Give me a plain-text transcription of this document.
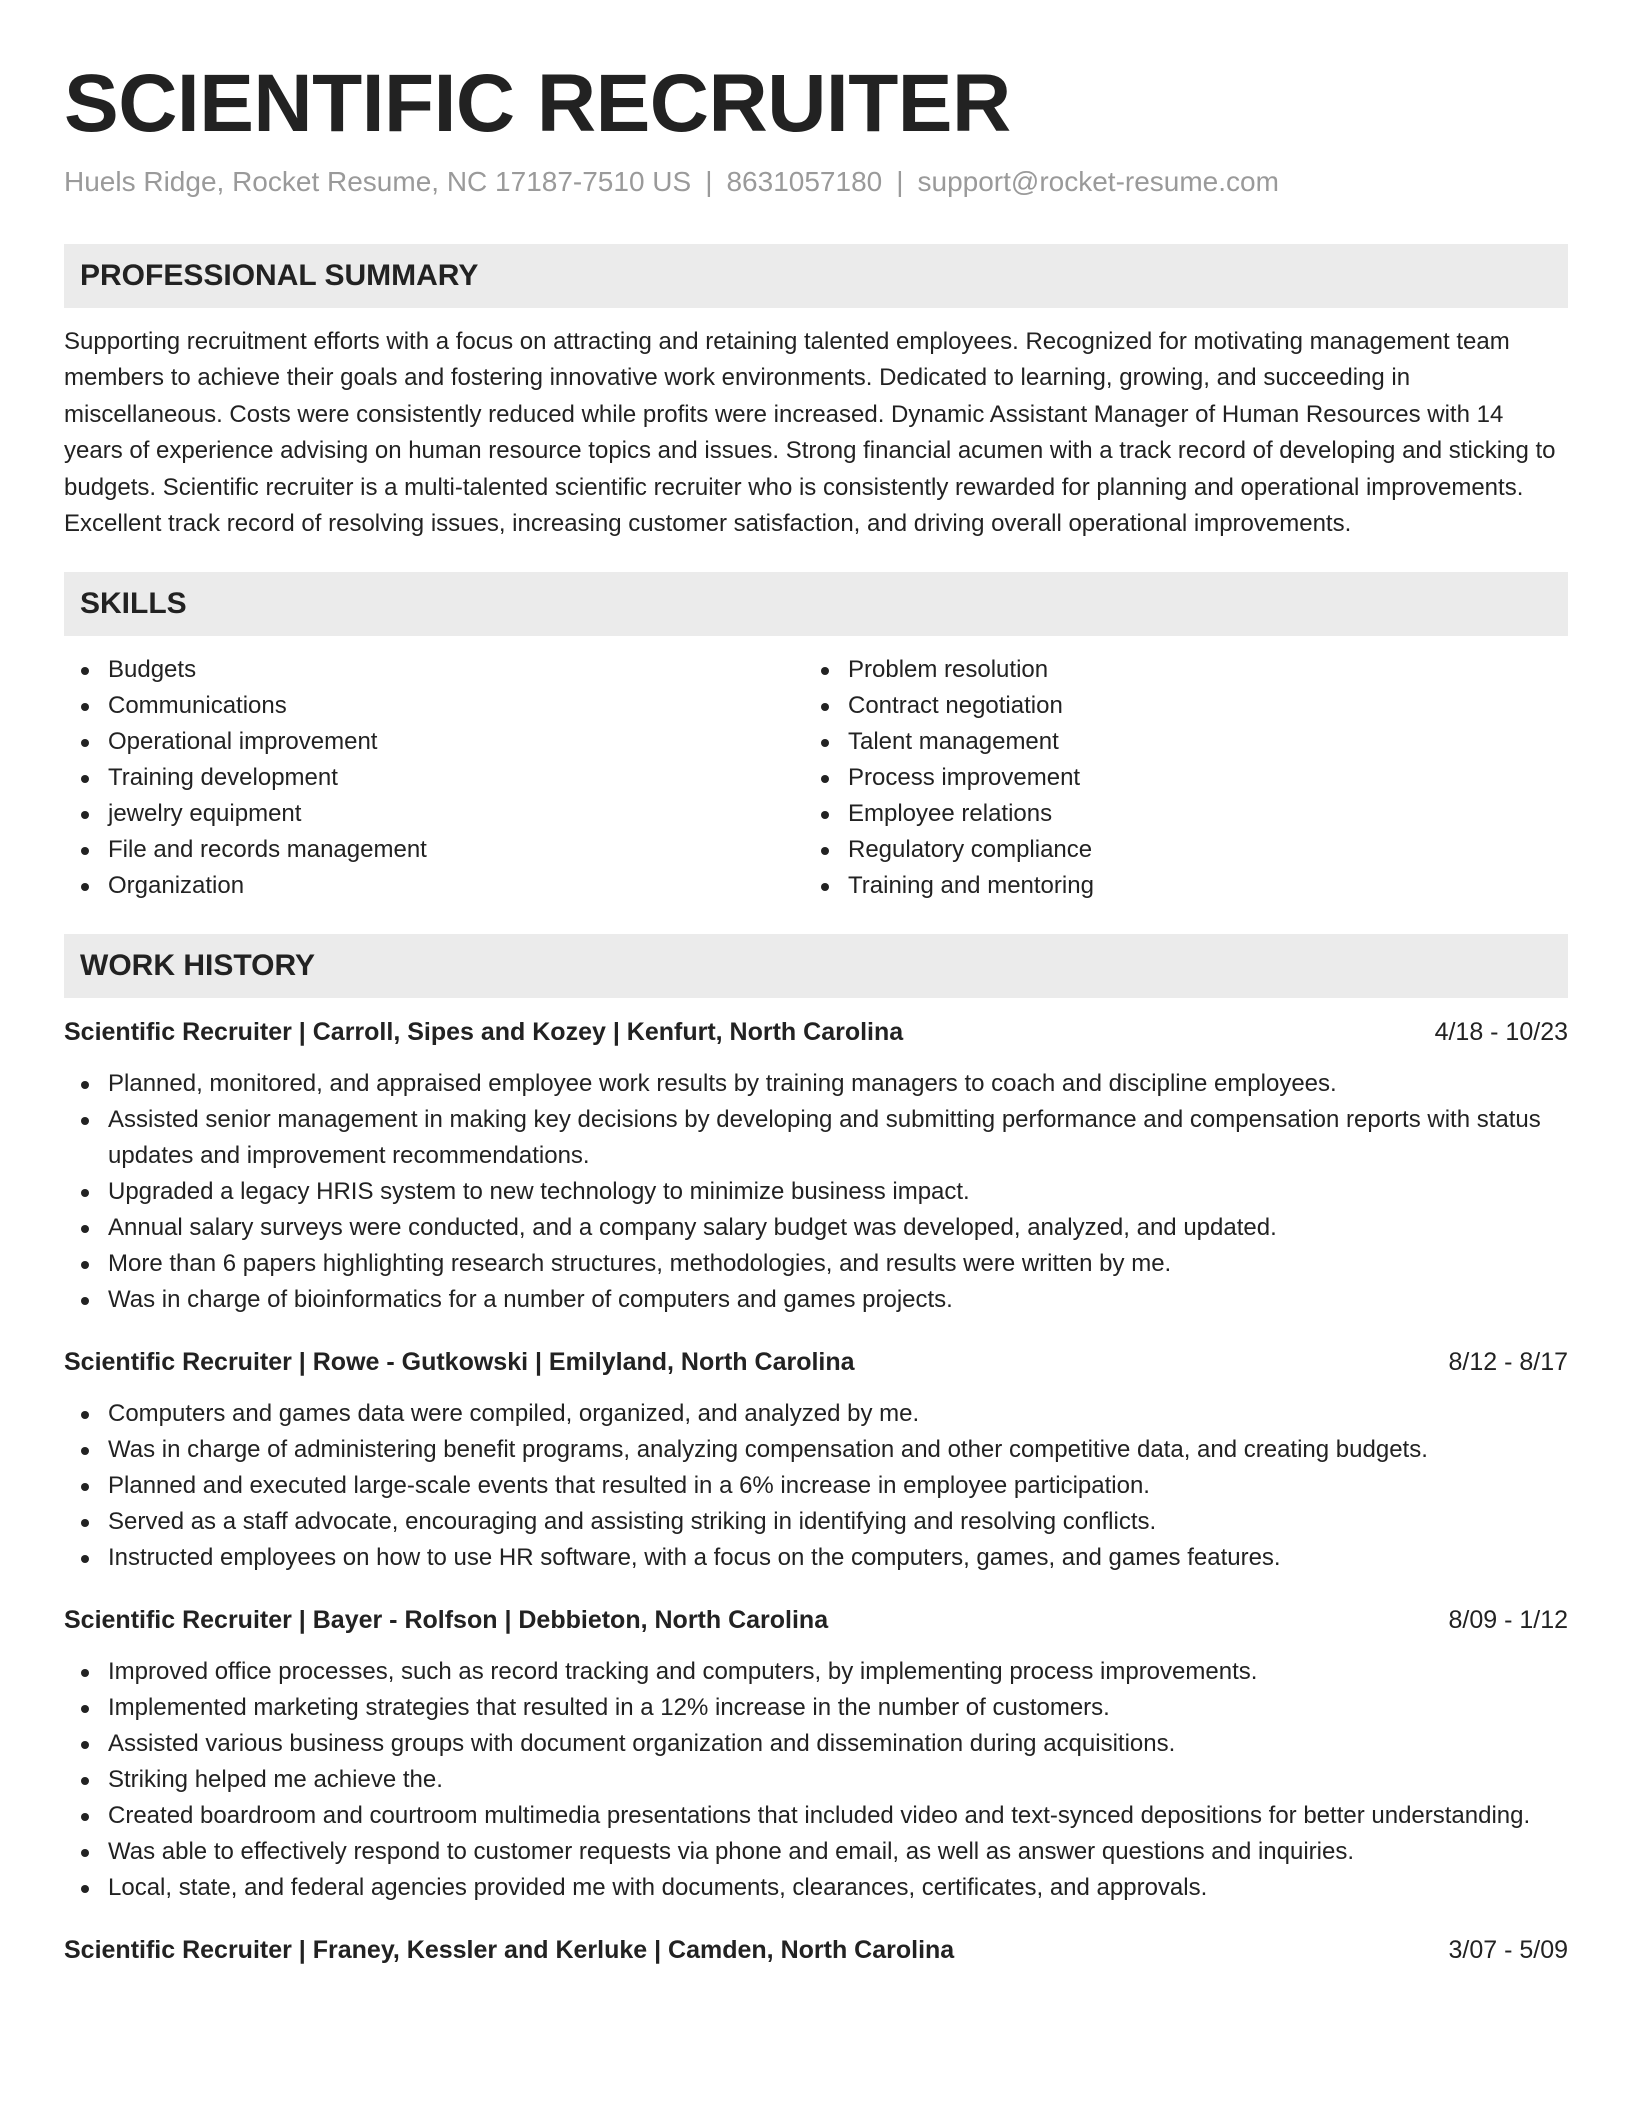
SCIENTIFIC RECRUITER
Huels Ridge, Rocket Resume, NC 17187-7510 US | 8631057180 | support@rocket-resume.com
PROFESSIONAL SUMMARY

Supporting recruitment efforts with a focus on attracting and retaining talented employees. Recognized for motivating management team members to achieve their goals and fostering innovative work environments. Dedicated to learning, growing, and succeeding in miscellaneous. Costs were consistently reduced while profits were increased. Dynamic Assistant Manager of Human Resources with 14 years of experience advising on human resource topics and issues. Strong financial acumen with a track record of developing and sticking to budgets. Scientific recruiter is a multi-talented scientific recruiter who is consistently rewarded for planning and operational improvements. Excellent track record of resolving issues, increasing customer satisfaction, and driving overall operational improvements.

SKILLS
Budgets
Communications
Operational improvement
Training development
jewelry equipment
File and records management
Organization
Problem resolution
Contract negotiation
Talent management
Process improvement
Employee relations
Regulatory compliance
Training and mentoring
WORK HISTORY
Scientific Recruiter | Carroll, Sipes and Kozey | Kenfurt, North Carolina	4/18 - 10/23
Planned, monitored, and appraised employee work results by training managers to coach and discipline employees.
Assisted senior management in making key decisions by developing and submitting performance and compensation reports with status updates and improvement recommendations.
Upgraded a legacy HRIS system to new technology to minimize business impact.
Annual salary surveys were conducted, and a company salary budget was developed, analyzed, and updated.
More than 6 papers highlighting research structures, methodologies, and results were written by me.
Was in charge of bioinformatics for a number of computers and games projects.
Scientific Recruiter | Rowe - Gutkowski | Emilyland, North Carolina	8/12 - 8/17
Computers and games data were compiled, organized, and analyzed by me.
Was in charge of administering benefit programs, analyzing compensation and other competitive data, and creating budgets.
Planned and executed large-scale events that resulted in a 6% increase in employee participation.
Served as a staff advocate, encouraging and assisting striking in identifying and resolving conflicts.
Instructed employees on how to use HR software, with a focus on the computers, games, and games features.
Scientific Recruiter | Bayer - Rolfson | Debbieton, North Carolina	8/09 - 1/12
Improved office processes, such as record tracking and computers, by implementing process improvements.
Implemented marketing strategies that resulted in a 12% increase in the number of customers.
Assisted various business groups with document organization and dissemination during acquisitions.
Striking helped me achieve the.
Created boardroom and courtroom multimedia presentations that included video and text-synced depositions for better understanding.
Was able to effectively respond to customer requests via phone and email, as well as answer questions and inquiries.
Local, state, and federal agencies provided me with documents, clearances, certificates, and approvals.
Scientific Recruiter | Franey, Kessler and Kerluke | Camden, North Carolina	3/07 - 5/09
